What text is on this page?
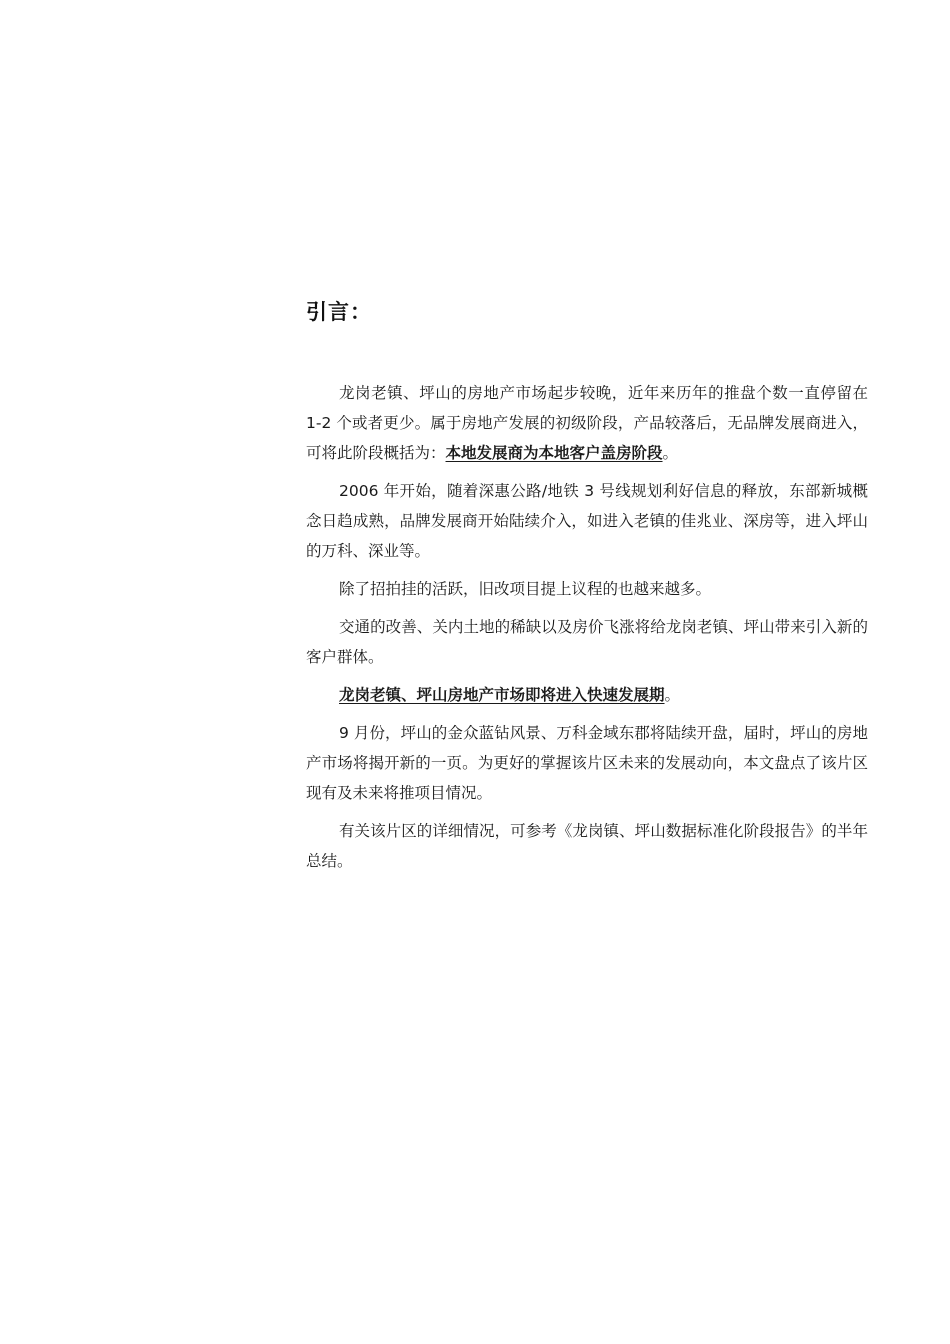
引言：

龙岗老镇、坪山的房地产市场起步较晚，近年来历年的推盘个数一直停留在 1-2 个或者更少。属于房地产发展的初级阶段，产品较落后，无品牌发展商进入，可将此阶段概括为：本地发展商为本地客户盖房阶段。

2006 年开始，随着深惠公路/地铁 3 号线规划利好信息的释放，东部新城概念日趋成熟，品牌发展商开始陆续介入，如进入老镇的佳兆业、深房等，进入坪山的万科、深业等。

除了招拍挂的活跃，旧改项目提上议程的也越来越多。

交通的改善、关内土地的稀缺以及房价飞涨将给龙岗老镇、坪山带来引入新的客户群体。

龙岗老镇、坪山房地产市场即将进入快速发展期。

9 月份，坪山的金众蓝钻风景、万科金域东郡将陆续开盘，届时，坪山的房地产市场将揭开新的一页。为更好的掌握该片区未来的发展动向，本文盘点了该片区现有及未来将推项目情况。

有关该片区的详细情况，可参考《龙岗镇、坪山数据标准化阶段报告》的半年总结。
